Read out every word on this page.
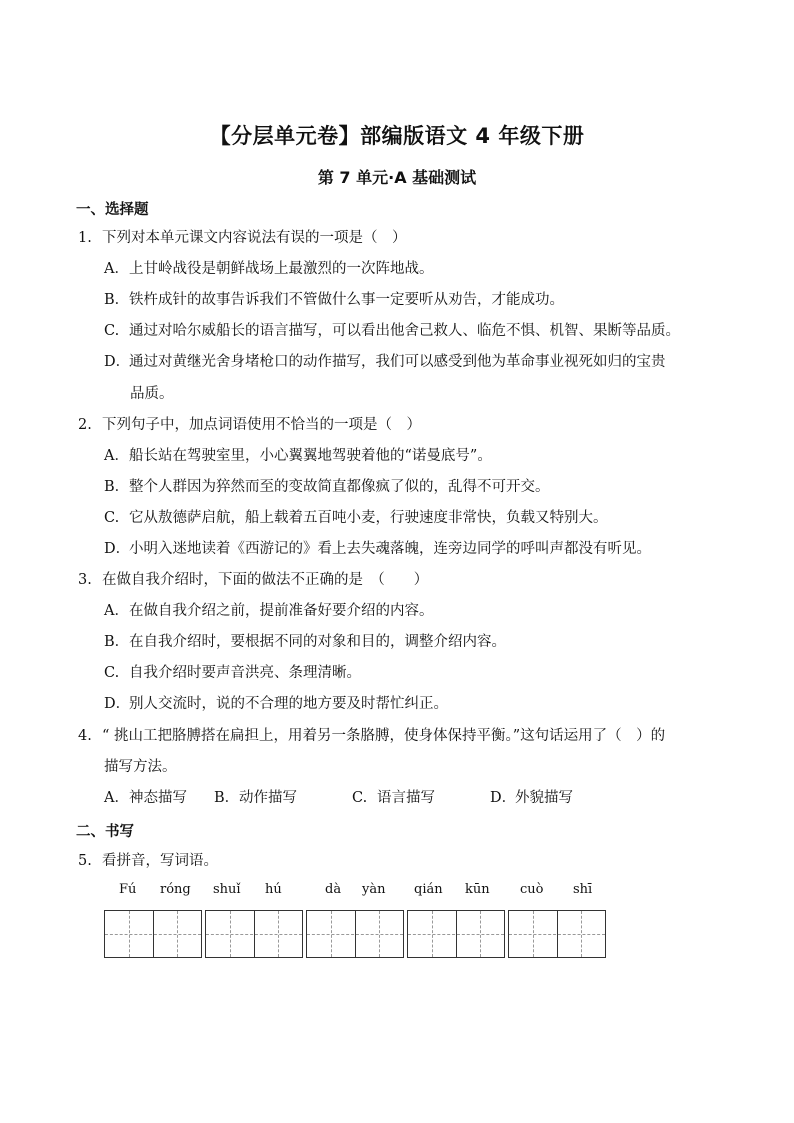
【分层单元卷】部编版语文 4 年级下册
第 7 单元·A 基础测试
一、选择题
1. 下列对本单元课文内容说法有误的一项是（　）
A．上甘岭战役是朝鲜战场上最激烈的一次阵地战。
B．铁杵成针的故事告诉我们不管做什么事一定要听从劝告，才能成功。
C. 通过对哈尔威船长的语言描写，可以看出他舍己救人、临危不惧、机智、果断等品质。
D．通过对黄继光舍身堵枪口的动作描写，我们可以感受到他为革命事业视死如归的宝贵
品质。
2. 下列句子中，加点词语使用不恰当的一项是（　）
A．船长站在驾驶室里，小心翼翼地驾驶着他的“诺曼底号”。
B．整个人群因为猝然而至的变故简直都像疯了似的，乱得不可开交。
C. 它从敖德萨启航，船上载着五百吨小麦，行驶速度非常快，负载又特别大。
D．小明入迷地读着《西游记的》看上去失魂落魄，连旁边同学的呼叫声都没有听见。
3. 在做自我介绍时，下面的做法不正确的是　（　　）
A．在做自我介绍之前，提前准备好要介绍的内容。
B．在自我介绍时，要根据不同的对象和目的，调整介绍内容。
C. 自我介绍时要声音洪亮、条理清晰。
D．别人交流时，说的不合理的地方要及时帮忙纠正。
4. “ 挑山工把胳膊搭在扁担上，用着另一条胳膊，使身体保持平衡。”这句话运用了（　）的
描写方法。
A．神态描写 B．动作描写	C. 语言描写	D．外貌描写
二、书写
5. 看拼音，写词语。
Fú róng shuǐ hú	dà yàn qián kūn cuò shī
